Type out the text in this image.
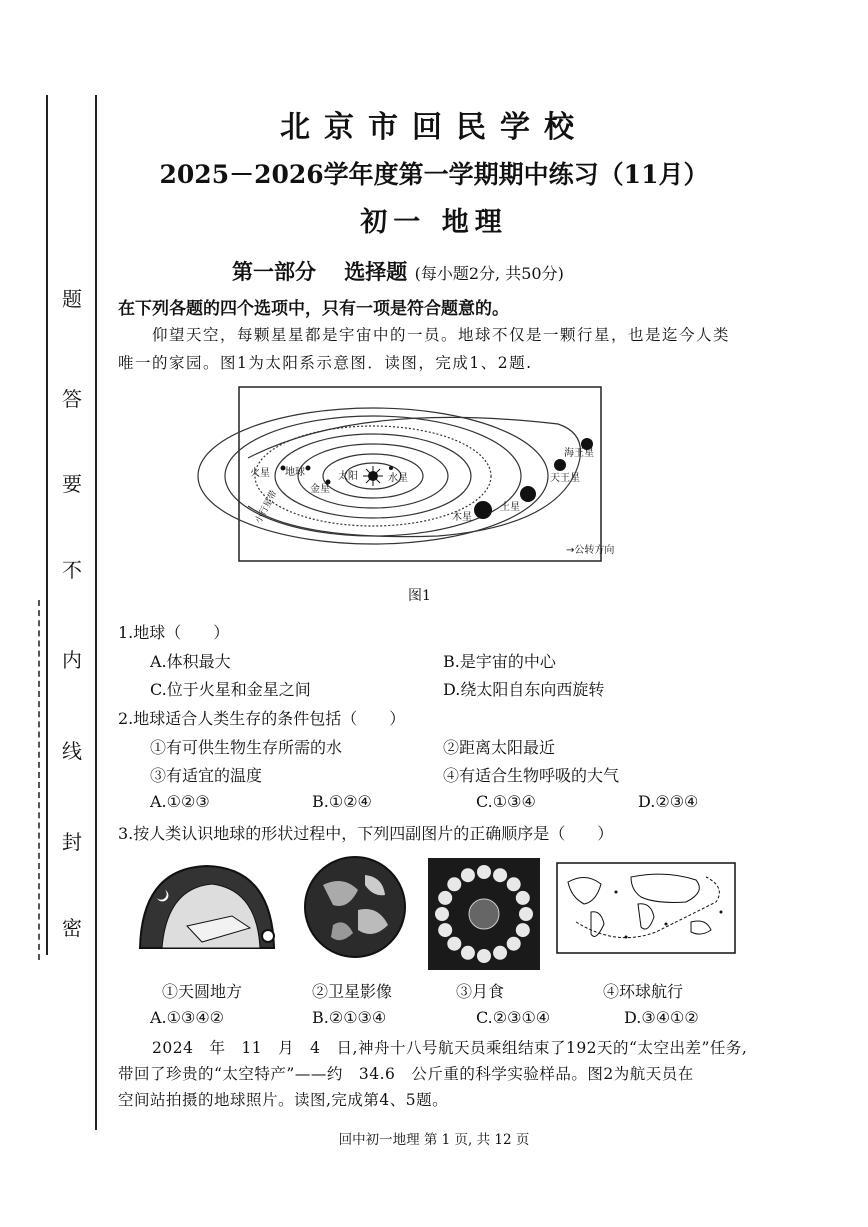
题
答
要
不
内
线
封
密
北京市回民学校
2025－2026学年度第一学期期中练习（11月）
初一 地理
第一部分　 选择题 (每小题2分, 共50分)
在下列各题的四个选项中，只有一项是符合题意的。
仰望天空，每颗星星都是宇宙中的一员。地球不仅是一颗行星，也是迄今人类
唯一的家园。图1为太阳系示意图．读图，完成1、2题.
火星 地球	太阳	水星
金星
小行星带	木星
土星
天王星
海王星
→公转方向
图1
1.地球（　　）
A.体积最大	B.是宇宙的中心
C.位于火星和金星之间	D.绕太阳自东向西旋转
2.地球适合人类生存的条件包括（　　）
①有可供生物生存所需的水	②距离太阳最近
③有适宜的温度	④有适合生物呼吸的大气
A.①②③	B.①②④	C.①③④	D.②③④
3.按人类认识地球的形状过程中，下列四副图片的正确顺序是（　　）
①天圆地方	②卫星影像	③月食	④环球航行
A.①③④②	B.②①③④	C.②③①④	D.③④①②
2024　年　11　月　4　日,神舟十八号航天员乘组结束了192天的“太空出差”任务,
带回了珍贵的“太空特产”——约　34.6　公斤重的科学实验样品。图2为航天员在
空间站拍摄的地球照片。读图,完成第4、5题。
回中初一地理 第 1 页, 共 12 页
